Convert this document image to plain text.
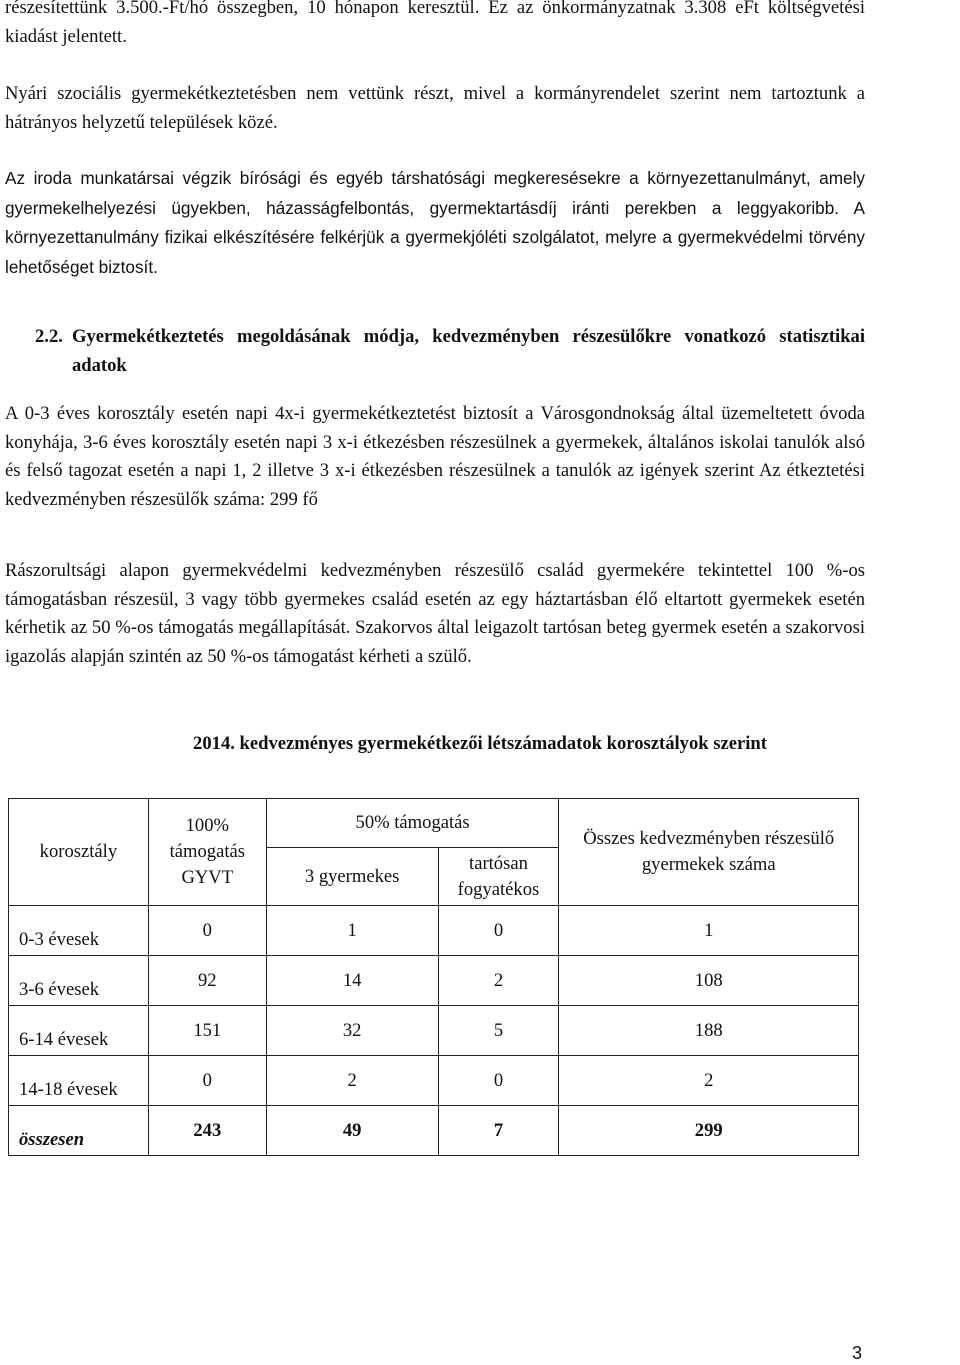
részesítettünk 3.500.-Ft/hó összegben, 10 hónapon keresztül. Ez az önkormányzatnak 3.308 eFt költségvetési kiadást jelentett.

Nyári szociális gyermekétkeztetésben nem vettünk részt, mivel a kormányrendelet szerint nem tartoztunk a hátrányos helyzetű települések közé.

Az iroda munkatársai végzik bírósági és egyéb társhatósági megkeresésekre a környezettanulmányt, amely gyermekelhelyezési ügyekben, házasságfelbontás, gyermektartásdíj iránti perekben a leggyakoribb. A környezettanulmány fizikai elkészítésére felkérjük a gyermekjóléti szolgálatot, melyre a gyermekvédelmi törvény lehetőséget biztosít.

2.2. Gyermekétkeztetés megoldásának módja, kedvezményben részesülőkre vonatkozó statisztikai adatok

A 0-3 éves korosztály esetén napi 4x-i gyermekétkeztetést biztosít a Városgondnokság által üzemeltetett óvoda konyhája, 3-6 éves korosztály esetén napi 3 x-i étkezésben részesülnek a gyermekek, általános iskolai tanulók alsó és felső tagozat esetén a napi 1, 2 illetve 3 x-i étkezésben részesülnek a tanulók az igények szerint Az étkeztetési kedvezményben részesülők száma: 299 fő

Rászorultsági alapon gyermekvédelmi kedvezményben részesülő család gyermekére tekintettel 100 %-os támogatásban részesül, 3 vagy több gyermekes család esetén az egy háztartásban élő eltartott gyermekek esetén kérhetik az 50 %-os támogatás megállapítását. Szakorvos által leigazolt tartósan beteg gyermek esetén a szakorvosi igazolás alapján szintén az 50 %-os támogatást kérheti a szülő.

2014. kedvezményes gyermekétkezői létszámadatok korosztályok szerint
korosztály	100% támogatás GYVT	50% támogatás		Összes kedvezményben részesülő gyermekek száma
		3 gyermekes	tartósan fogyatékos	
0-3 évesek	0	1	0	1
3-6 évesek	92	14	2	108
6-14 évesek	151	32	5	188
14-18 évesek	0	2	0	2
összesen	243	49	7	299
3
